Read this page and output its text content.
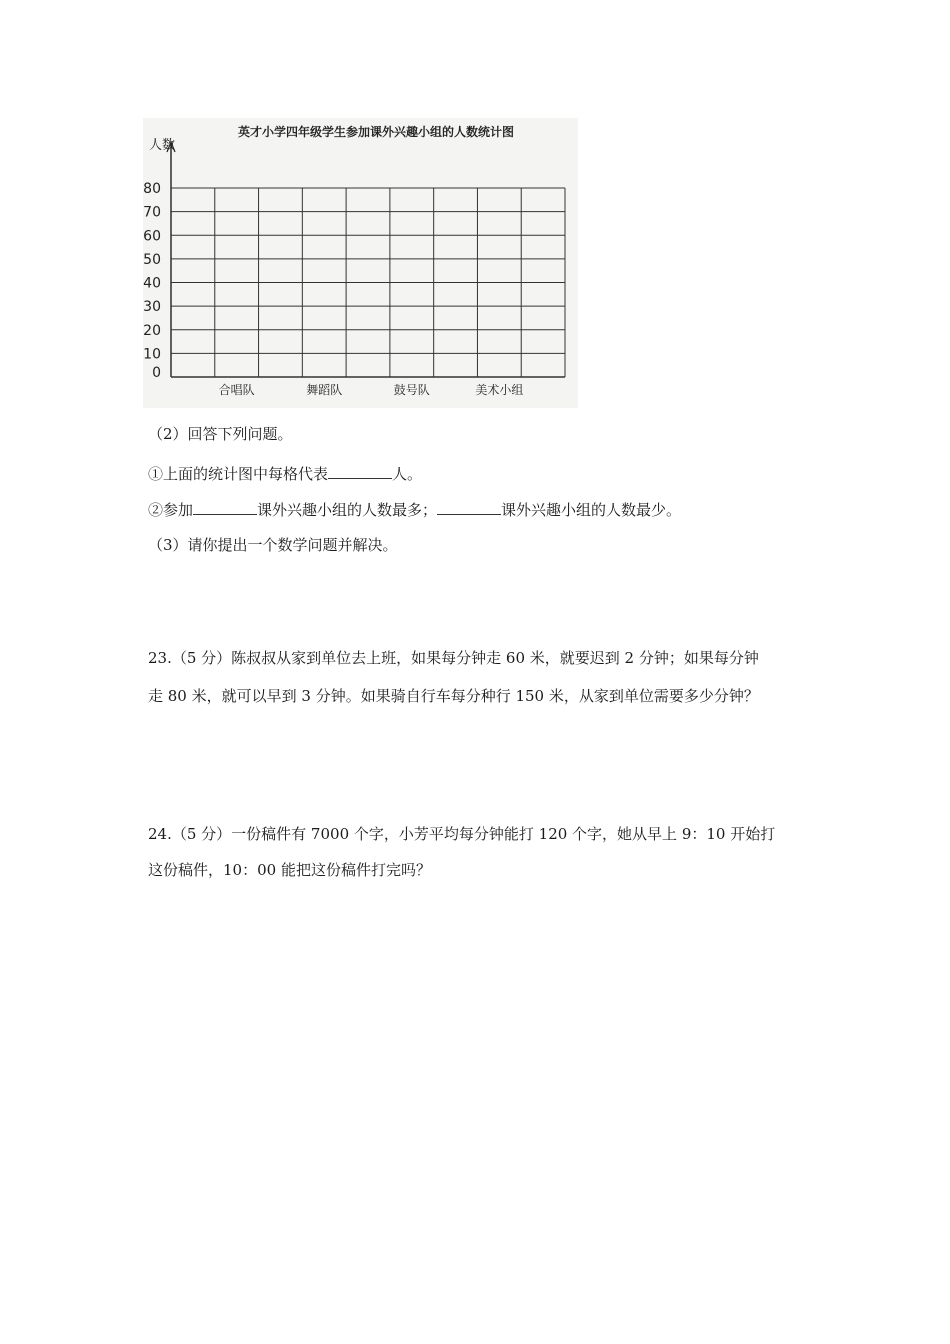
英才小学四年级学生参加课外兴趣小组的人数统计图
人数
0
10
20
30
40
50
60
70
80
合唱队	舞蹈队	鼓号队	美术小组
（2）回答下列问题。
①上面的统计图中每格代表	人。
②参加	课外兴趣小组的人数最多；	课外兴趣小组的人数最少。
（3）请你提出一个数学问题并解决。
23.（5 分）陈叔叔从家到单位去上班，如果每分钟走 60 米，就要迟到 2 分钟；如果每分钟
走 80 米，就可以早到 3 分钟。如果骑自行车每分种行 150 米，从家到单位需要多少分钟？
24.（5 分）一份稿件有 7000 个字，小芳平均每分钟能打 120 个字，她从早上 9：10 开始打
这份稿件，10：00 能把这份稿件打完吗？
